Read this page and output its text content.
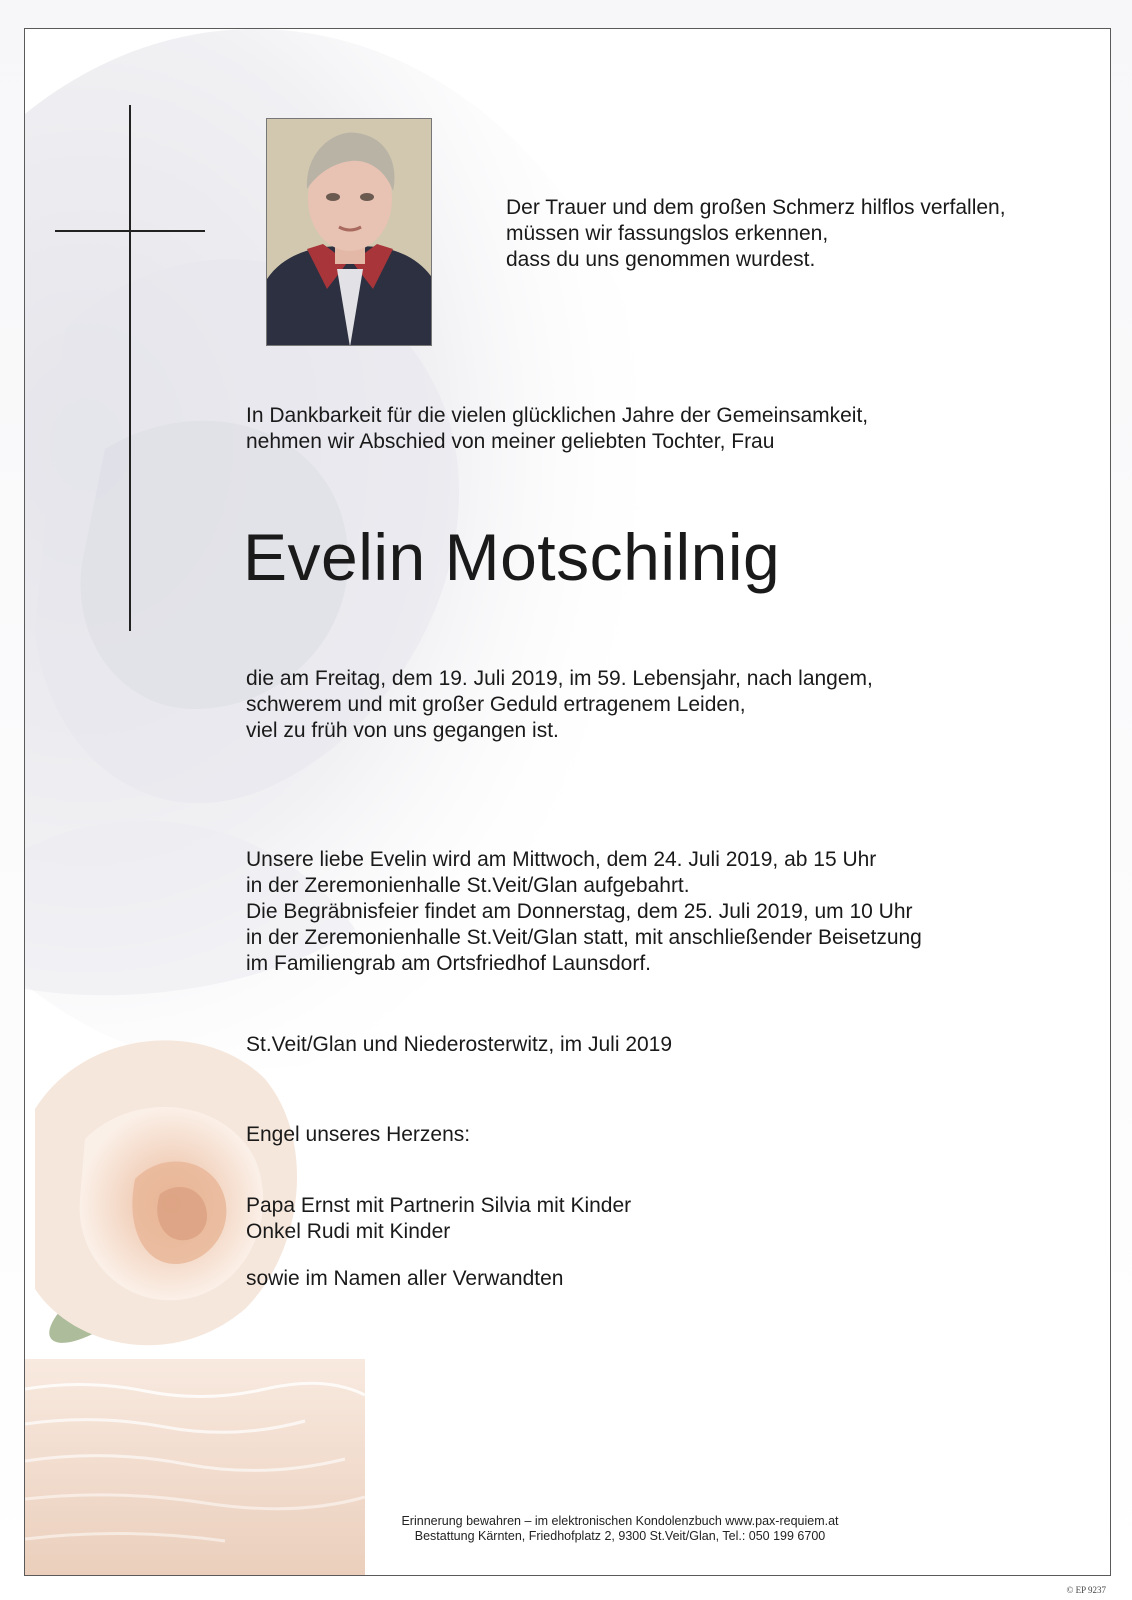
Der Trauer und dem großen Schmerz hilflos verfallen,
müssen wir fassungslos erkennen,
dass du uns genommen wurdest.

In Dankbarkeit für die vielen glücklichen Jahre der Gemeinsamkeit,
nehmen wir Abschied von meiner geliebten Tochter, Frau

Evelin Motschilnig

die am Freitag, dem 19. Juli 2019, im 59. Lebensjahr, nach langem,
schwerem und mit großer Geduld ertragenem Leiden,
viel zu früh von uns gegangen ist.

Unsere liebe Evelin wird am Mittwoch, dem 24. Juli 2019, ab 15 Uhr
in der Zeremonienhalle St.Veit/Glan aufgebahrt.
Die Begräbnisfeier findet am Donnerstag, dem 25. Juli 2019, um 10 Uhr
in der Zeremonienhalle St.Veit/Glan statt, mit anschließender Beisetzung
im Familiengrab am Ortsfriedhof Launsdorf.

St.Veit/Glan und Niederosterwitz, im Juli 2019

Engel unseres Herzens:

Papa Ernst mit Partnerin Silvia mit Kinder
Onkel Rudi mit Kinder

sowie im Namen aller Verwandten

Erinnerung bewahren – im elektronischen Kondolenzbuch www.pax-requiem.at
Bestattung Kärnten, Friedhofplatz 2, 9300 St.Veit/Glan, Tel.: 050 199 6700
© EP 9237
